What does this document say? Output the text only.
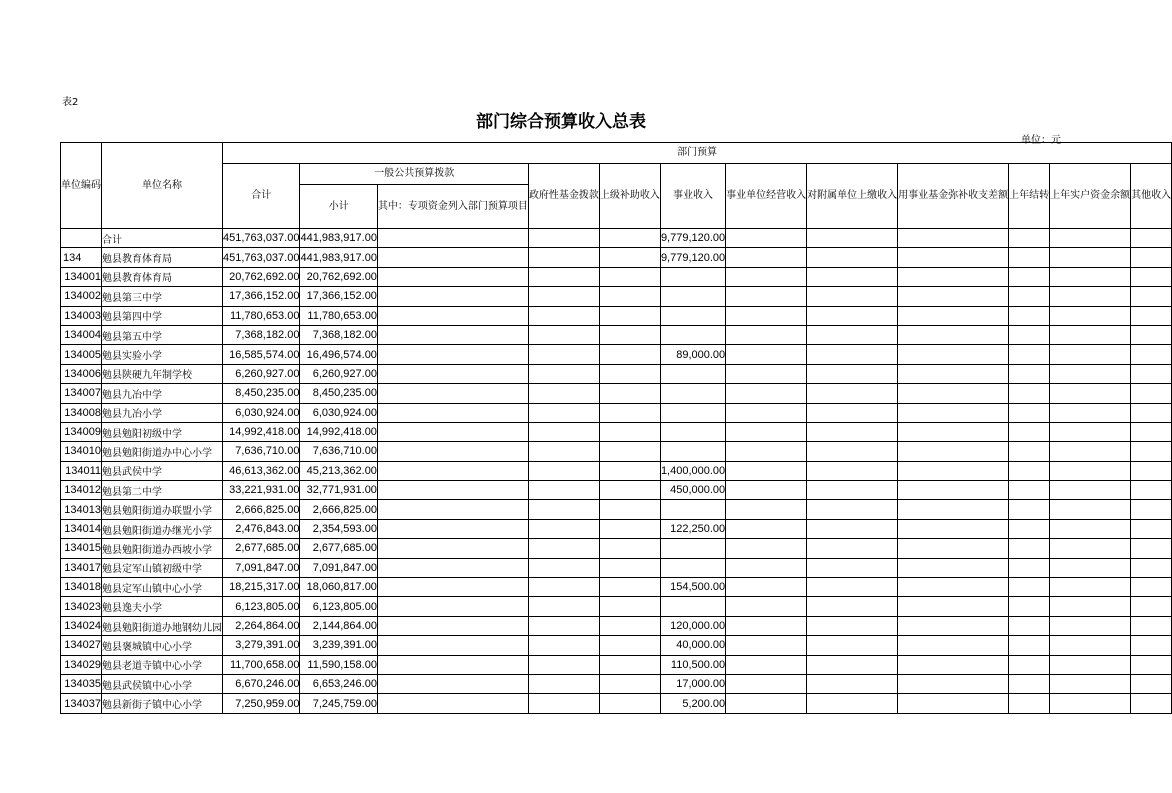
表2
部门综合预算收入总表
单位：元
单位编码	单位名称	部门预算											
		合计	一般公共预算拨款		政府性基金拨款	上级补助收入	事业收入	事业单位经营收入	对附属单位上缴收入	用事业基金弥补收支差额	上年结转	上年实户资金余额	其他收入
			小计	其中：专项资金列入部门预算项目									
	合计	451,763,037.00	441,983,917.00				9,779,120.00						
134	勉县教育体育局	451,763,037.00	441,983,917.00				9,779,120.00						
134001	勉县教育体育局	20,762,692.00	20,762,692.00										
134002	勉县第三中学	17,366,152.00	17,366,152.00										
134003	勉县第四中学	11,780,653.00	11,780,653.00										
134004	勉县第五中学	7,368,182.00	7,368,182.00										
134005	勉县实验小学	16,585,574.00	16,496,574.00				89,000.00						
134006	勉县陕硬九年制学校	6,260,927.00	6,260,927.00										
134007	勉县九冶中学	8,450,235.00	8,450,235.00										
134008	勉县九冶小学	6,030,924.00	6,030,924.00										
134009	勉县勉阳初级中学	14,992,418.00	14,992,418.00										
134010	勉县勉阳街道办中心小学	7,636,710.00	7,636,710.00										
134011	勉县武侯中学	46,613,362.00	45,213,362.00				1,400,000.00						
134012	勉县第二中学	33,221,931.00	32,771,931.00				450,000.00						
134013	勉县勉阳街道办联盟小学	2,666,825.00	2,666,825.00										
134014	勉县勉阳街道办继光小学	2,476,843.00	2,354,593.00				122,250.00						
134015	勉县勉阳街道办西坡小学	2,677,685.00	2,677,685.00										
134017	勉县定军山镇初级中学	7,091,847.00	7,091,847.00										
134018	勉县定军山镇中心小学	18,215,317.00	18,060,817.00				154,500.00						
134023	勉县逸夫小学	6,123,805.00	6,123,805.00										
134024	勉县勉阳街道办地钢幼儿园	2,264,864.00	2,144,864.00				120,000.00						
134027	勉县褒城镇中心小学	3,279,391.00	3,239,391.00				40,000.00						
134029	勉县老道寺镇中心小学	11,700,658.00	11,590,158.00				110,500.00						
134035	勉县武侯镇中心小学	6,670,246.00	6,653,246.00				17,000.00						
134037	勉县新街子镇中心小学	7,250,959.00	7,245,759.00				5,200.00						
